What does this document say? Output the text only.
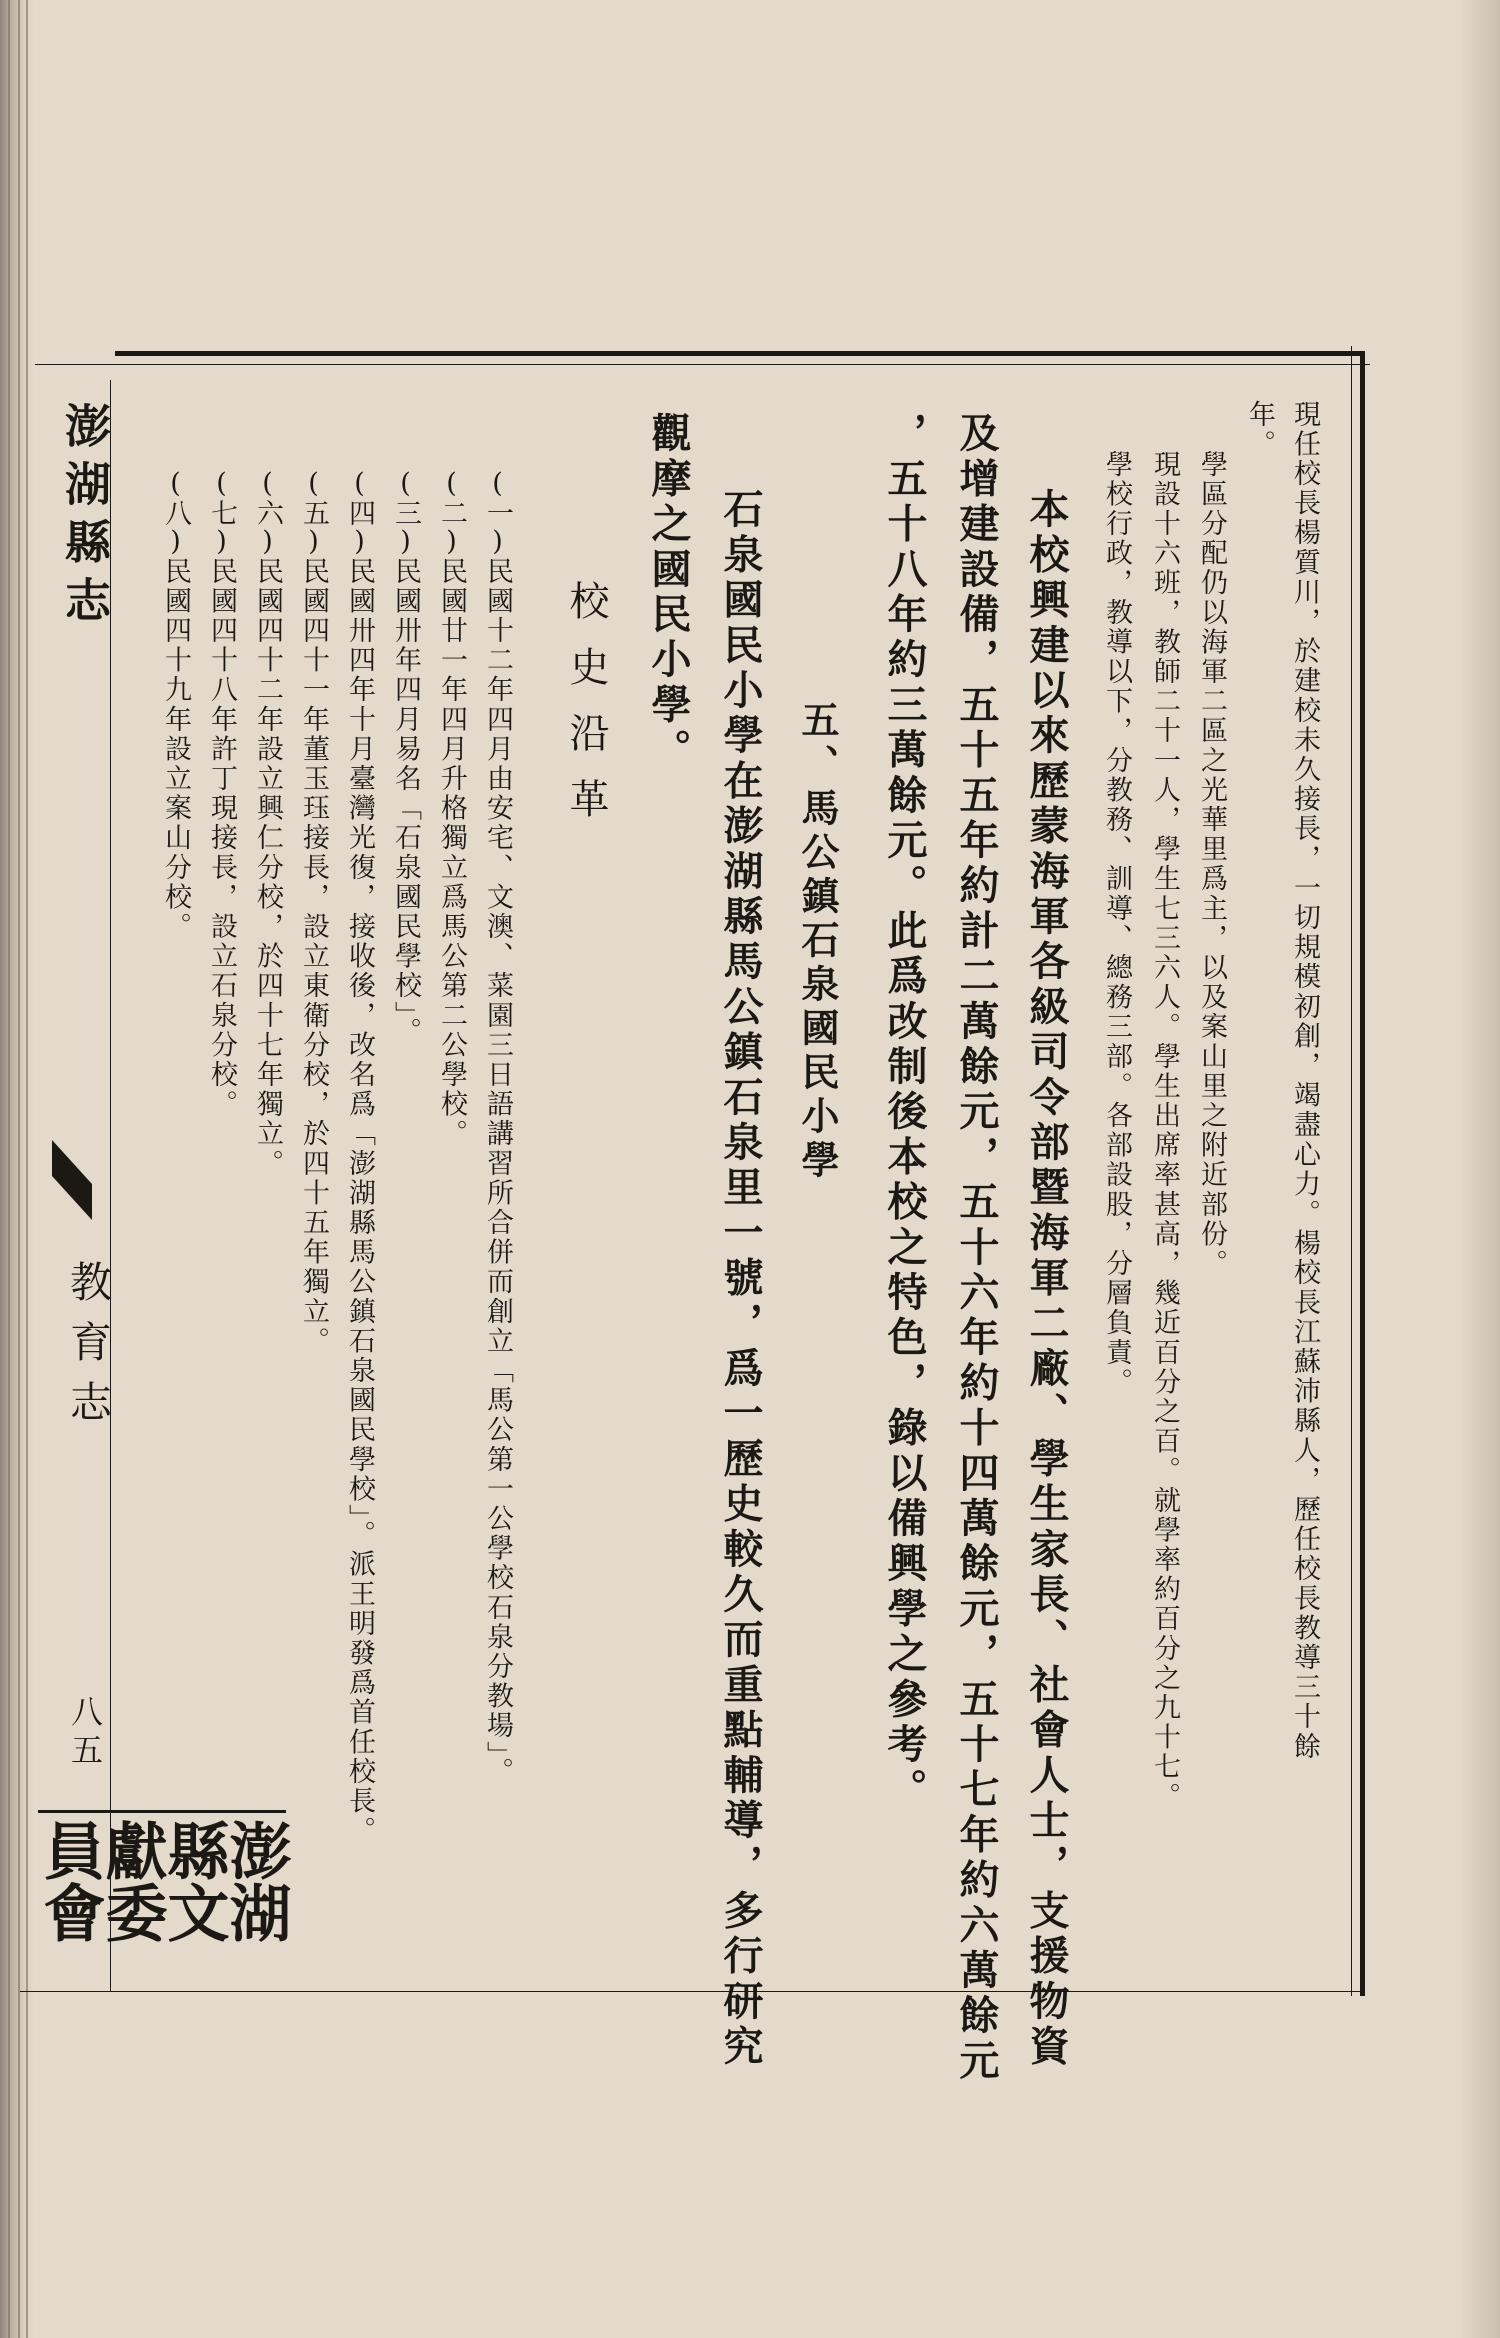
澎湖縣志
教育志
八五
澎湖縣文獻委員會

現任校長楊質川，於建校未久接長，一切規模初創，竭盡心力。楊校長江蘇沛縣人，歷任校長教導三十餘

年。

學區分配仍以海軍二區之光華里爲主，以及案山里之附近部份。

現設十六班，教師二十一人，學生七三六人。學生出席率甚高，幾近百分之百。就學率約百分之九十七。

學校行政，教導以下，分教務、訓導、總務三部。各部設股，分層負責。

本校興建以來歷蒙海軍各級司令部暨海軍二廠、學生家長、社會人士，支援物資

及增建設備，五十五年約計二萬餘元，五十六年約十四萬餘元，五十七年約六萬餘元

，五十八年約三萬餘元。此爲改制後本校之特色，錄以備興學之參考。

五、馬公鎮石泉國民小學

石泉國民小學在澎湖縣馬公鎮石泉里一號，爲一歷史較久而重點輔導，多行研究

觀摩之國民小學。

校史沿革

(一)民國十二年四月由安宅、文澳、菜園三日語講習所合併而創立「馬公第一公學校石泉分教場」。
(二)民國廿一年四月升格獨立爲馬公第二公學校。
(三)民國卅年四月易名「石泉國民學校」。
(四)民國卅四年十月臺灣光復，接收後，改名爲「澎湖縣馬公鎮石泉國民學校」。派王明發爲首任校長。
(五)民國四十一年董玉珏接長，設立東衛分校，於四十五年獨立。
(六)民國四十二年設立興仁分校，於四十七年獨立。
(七)民國四十八年許丁現接長，設立石泉分校。
(八)民國四十九年設立案山分校。
